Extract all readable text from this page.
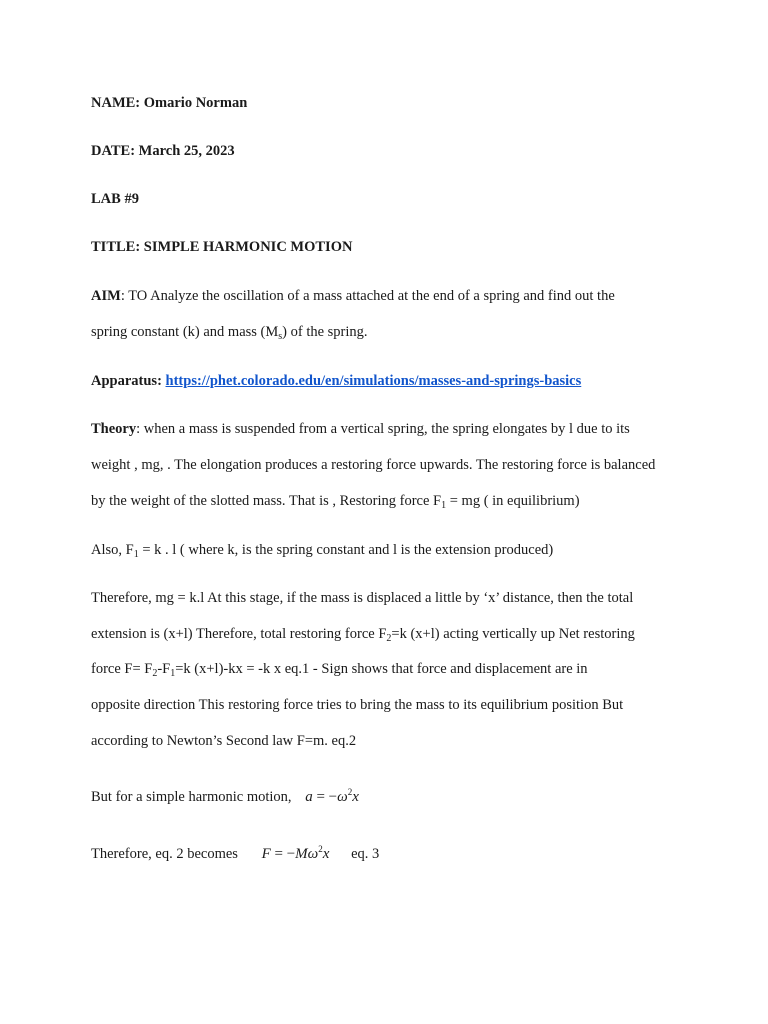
NAME: Omario Norman
DATE: March 25, 2023
LAB #9
TITLE: SIMPLE HARMONIC MOTION
AIM: TO Analyze the oscillation of a mass attached at the end of a spring and find out the
spring constant (k) and mass $(M_s)$ of the spring.
Apparatus: https://phet.colorado.edu/en/simulations/masses-and-springs-basics
Theory: when a mass is suspended from a vertical spring, the spring elongates by l due to its
weight , mg, . The elongation produces a restoring force upwards. The restoring force is balanced
by the weight of the slotted mass. That is , Restoring force $F_1$ = mg ( in equilibrium)
Also, $F_1 = k$ . l ( where k, is the spring constant and l is the extension produced)
Therefore, mg = k.l At this stage, if the mass is displaced a little by ‘x’ distance, then the total
extension is (x+l) Therefore, total restoring force $F_2=k$ (x+l) acting vertically up Net restoring
force $F= F_2-F_1=k$ (x+l)-kx = -k x eq.1 - Sign shows that force and displacement are in
opposite direction This restoring force tries to bring the mass to its equilibrium position But
according to Newton’s Second law F=m. eq.2
But for a simple harmonic motion, $a = -\omega^2x$
Therefore, eq. 2 becomes $F = -M\omega^2x$ eq. 3
